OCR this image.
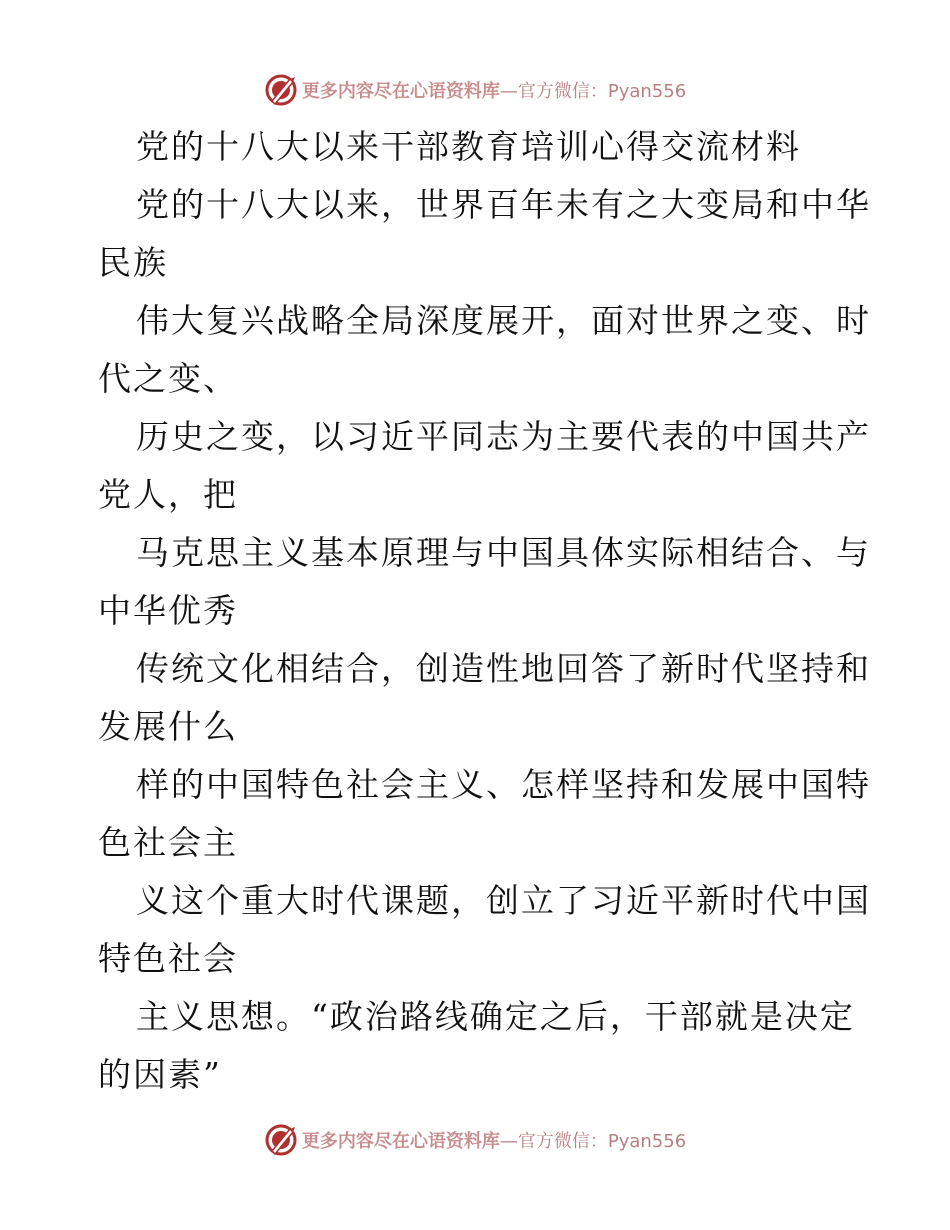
更多内容尽在心语资料库—官方微信：Pyan556
党的十八大以来干部教育培训心得交流材料
党的十八大以来，世界百年未有之大变局和中华
民族
伟大复兴战略全局深度展开，面对世界之变、时
代之变、
历史之变，以习近平同志为主要代表的中国共产
党人，把
马克思主义基本原理与中国具体实际相结合、与
中华优秀
传统文化相结合，创造性地回答了新时代坚持和
发展什么
样的中国特色社会主义、怎样坚持和发展中国特
色社会主
义这个重大时代课题，创立了习近平新时代中国
特色社会
主义思想。“政治路线确定之后，干部就是决定
的因素”
更多内容尽在心语资料库—官方微信：Pyan556
